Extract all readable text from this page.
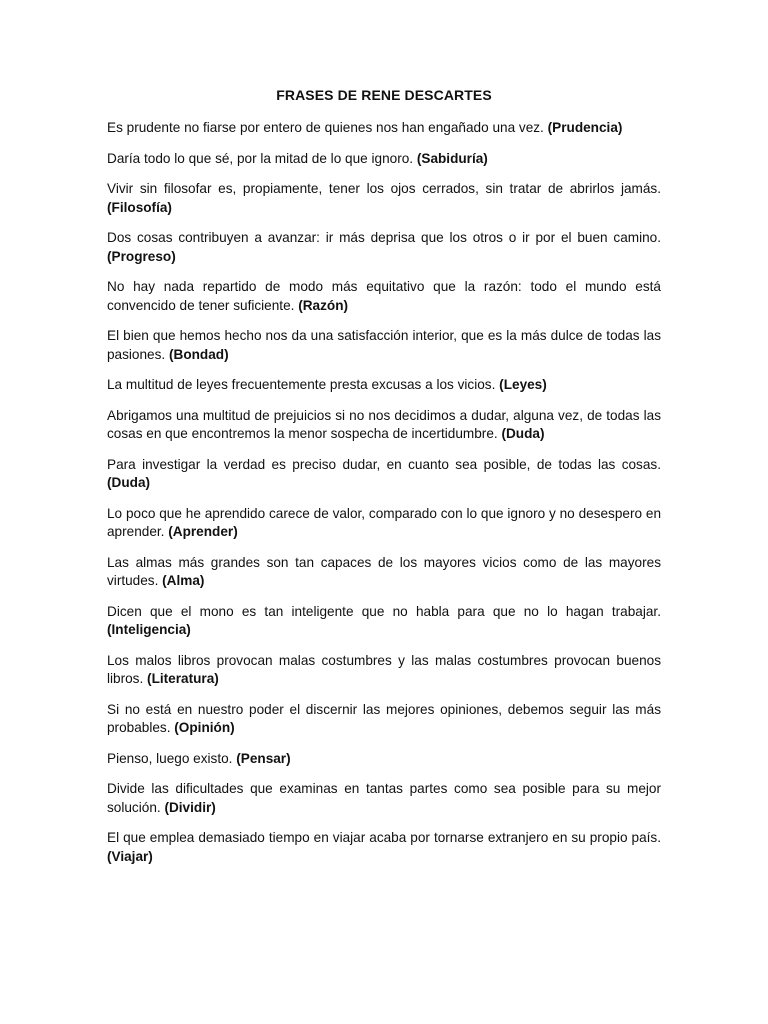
FRASES DE RENE DESCARTES

Es prudente no fiarse por entero de quienes nos han engañado una vez. (Prudencia)

Daría todo lo que sé, por la mitad de lo que ignoro. (Sabiduría)

Vivir sin filosofar es, propiamente, tener los ojos cerrados, sin tratar de abrirlos jamás. (Filosofía)

Dos cosas contribuyen a avanzar: ir más deprisa que los otros o ir por el buen camino. (Progreso)

No hay nada repartido de modo más equitativo que la razón: todo el mundo está convencido de tener suficiente. (Razón)

El bien que hemos hecho nos da una satisfacción interior, que es la más dulce de todas las pasiones. (Bondad)

La multitud de leyes frecuentemente presta excusas a los vicios. (Leyes)

Abrigamos una multitud de prejuicios si no nos decidimos a dudar, alguna vez, de todas las cosas en que encontremos la menor sospecha de incertidumbre. (Duda)

Para investigar la verdad es preciso dudar, en cuanto sea posible, de todas las cosas. (Duda)

Lo poco que he aprendido carece de valor, comparado con lo que ignoro y no desespero en aprender. (Aprender)

Las almas más grandes son tan capaces de los mayores vicios como de las mayores virtudes. (Alma)

Dicen que el mono es tan inteligente que no habla para que no lo hagan trabajar. (Inteligencia)

Los malos libros provocan malas costumbres y las malas costumbres provocan buenos libros. (Literatura)

Si no está en nuestro poder el discernir las mejores opiniones, debemos seguir las más probables. (Opinión)

Pienso, luego existo. (Pensar)

Divide las dificultades que examinas en tantas partes como sea posible para su mejor solución. (Dividir)

El que emplea demasiado tiempo en viajar acaba por tornarse extranjero en su propio país. (Viajar)
